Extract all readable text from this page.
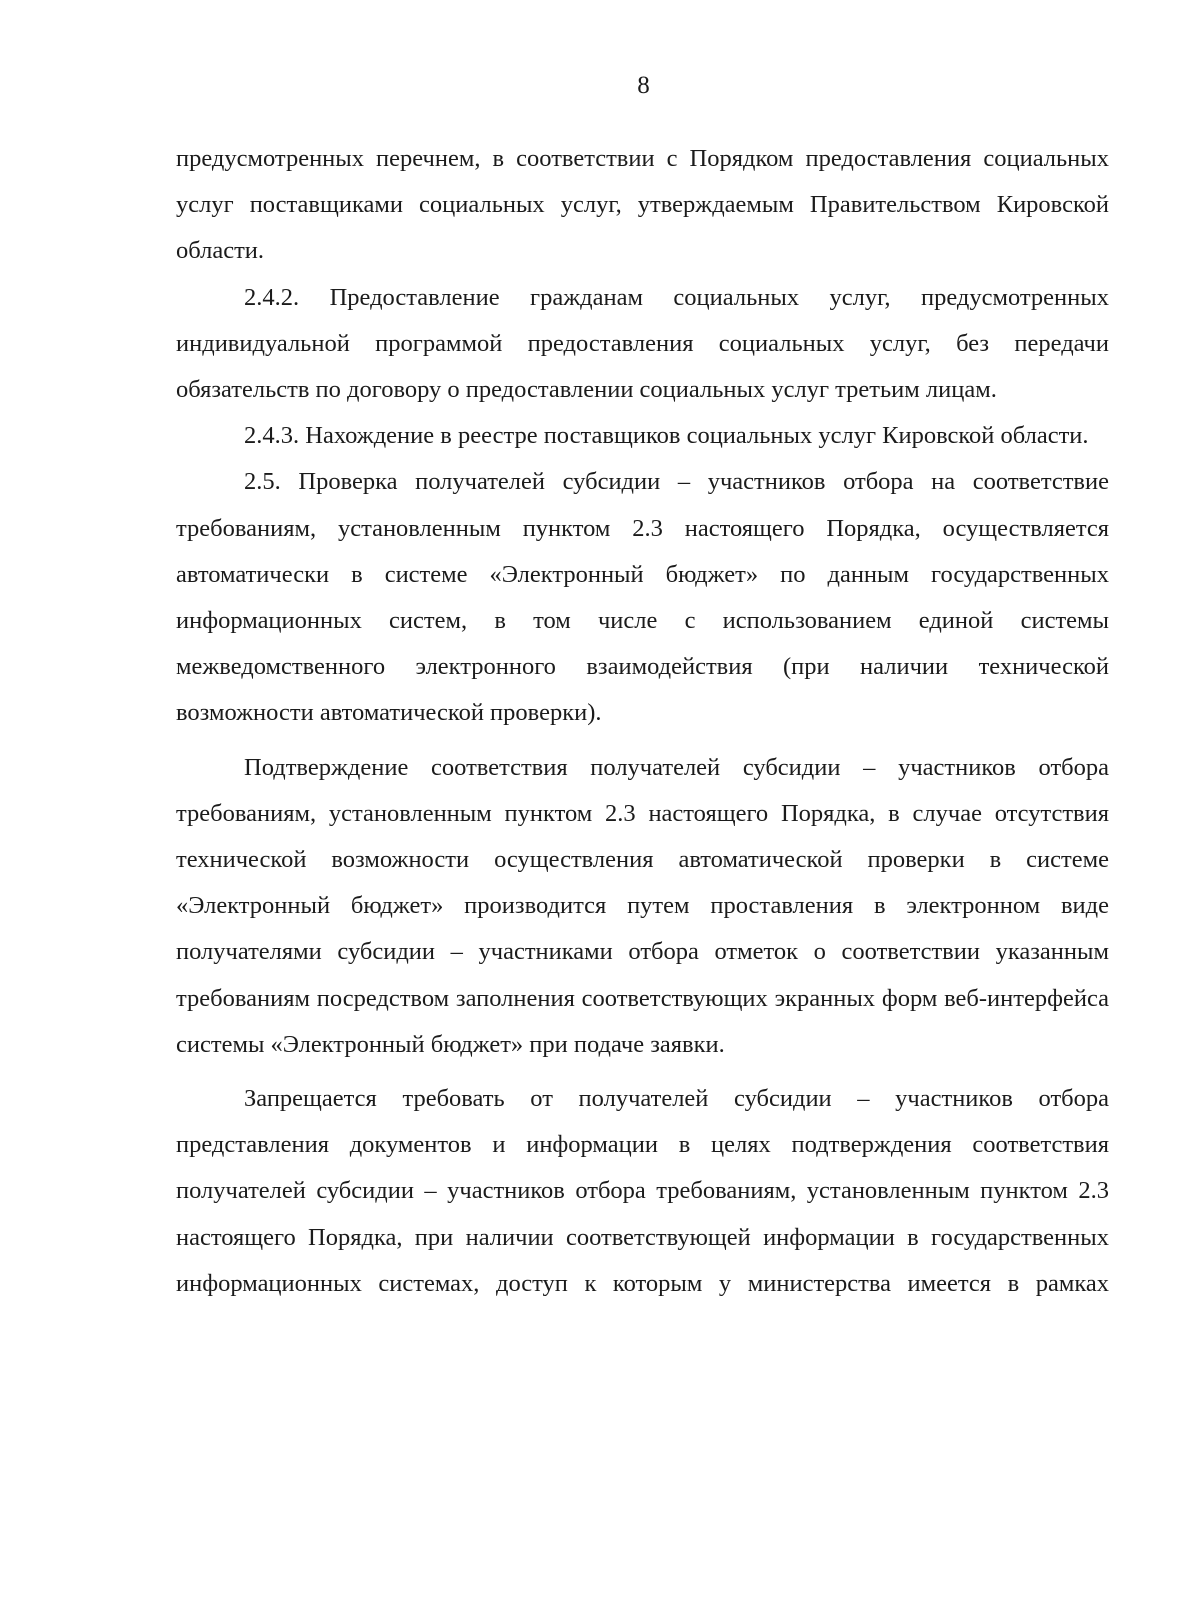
8

предусмотренных перечнем, в соответствии с Порядком предоставления социальных услуг поставщиками социальных услуг, утверждаемым Правительством Кировской области.

2.4.2. Предоставление гражданам социальных услуг, предусмотренных индивидуальной программой предоставления социальных услуг, без передачи обязательств по договору о предоставлении социальных услуг третьим лицам.

2.4.3. Нахождение в реестре поставщиков социальных услуг Кировской области.

2.5. Проверка получателей субсидии – участников отбора на соответствие требованиям, установленным пунктом 2.3 настоящего Порядка, осуществляется автоматически в системе «Электронный бюджет» по данным государственных информационных систем, в том числе с использованием единой системы межведомственного электронного взаимодействия (при наличии технической возможности автоматической проверки).

Подтверждение соответствия получателей субсидии – участников отбора требованиям, установленным пунктом 2.3 настоящего Порядка, в случае отсутствия технической возможности осуществления автоматической проверки в системе «Электронный бюджет» производится путем проставления в электронном виде получателями субсидии – участниками отбора отметок о соответствии указанным требованиям посредством заполнения соответствующих экранных форм веб-интерфейса системы «Электронный бюджет» при подаче заявки.

Запрещается требовать от получателей субсидии – участников отбора представления документов и информации в целях подтверждения соответствия получателей субсидии – участников отбора требованиям, установленным пунктом 2.3 настоящего Порядка, при наличии соответствующей информации в государственных информационных системах, доступ к которым у министерства имеется в рамках
